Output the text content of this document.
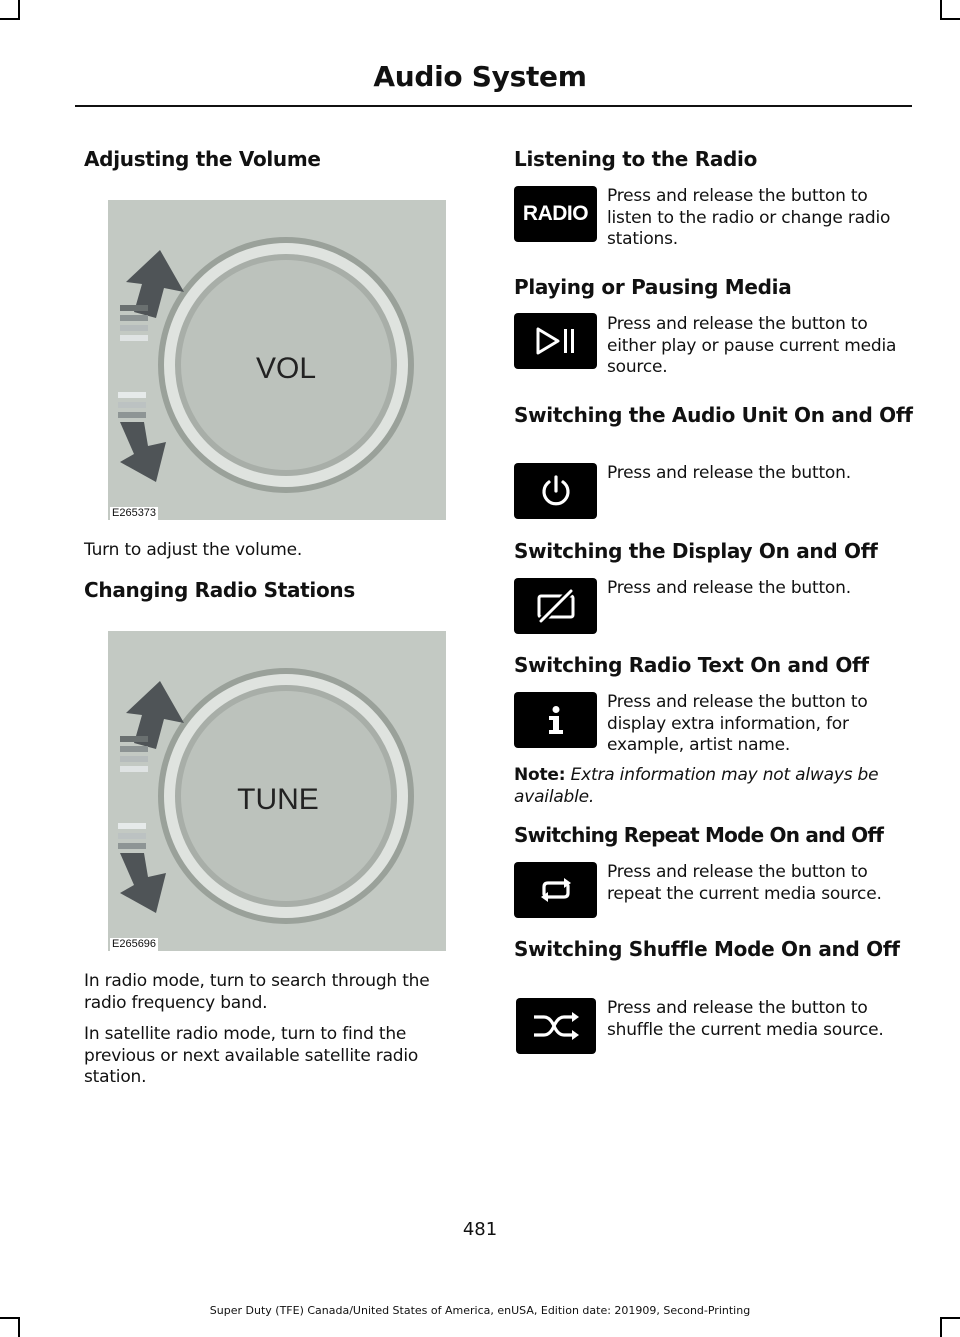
Audio System
Adjusting the Volume
VOL
E265373

Turn to adjust the volume.

Changing Radio Stations
TUNE
E265696

In radio mode, turn to search through the radio frequency band.

In satellite radio mode, turn to find the previous or next available satellite radio station.

Listening to the Radio
RADIO

Press and release the button to listen to the radio or change radio stations.

Playing or Pausing Media

Press and release the button to either play or pause current media source.

Switching the Audio Unit On and Off

Press and release the button.

Switching the Display On and Off

Press and release the button.

Switching Radio Text On and Off

Press and release the button to display extra information, for example, artist name.

Note: Extra information may not always be available.

Switching Repeat Mode On and Off

Press and release the button to repeat the current media source.

Switching Shuffle Mode On and Off

Press and release the button to shuffle the current media source.

481
Super Duty (TFE) Canada/United States of America, enUSA, Edition date: 201909, Second-Printing
